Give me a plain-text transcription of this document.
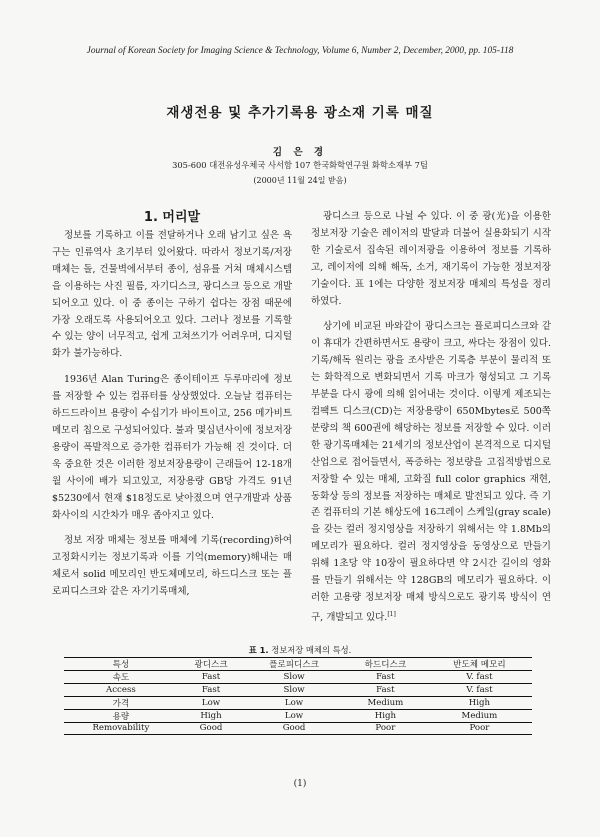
Journal of Korean Society for Imaging Science & Technology, Volume 6, Number 2, December, 2000, pp. 105-118
재생전용 및 추가기록용 광소재 기록 매질
김 은 경
305-600 대전유성우체국 사서함 107 한국화학연구원 화학소재부 7팀
(2000년 11월 24일 받음)
1. 머리말

정보를 기록하고 이를 전달하거나 오래 남기고 싶은 욕구는 인류역사 초기부터 있어왔다. 따라서 정보기록/저장 매체는 돌, 건물벽에서부터 종이, 섬유를 거쳐 매체시스템을 이용하는 사진 필름, 자기디스크, 광디스크 등으로 개발되어오고 있다. 이 중 종이는 구하기 쉽다는 장점 때문에 가장 오래도록 사용되어오고 있다. 그러나 정보를 기록할 수 있는 양이 너무적고, 쉽게 고쳐쓰기가 어려우며, 디지털화가 불가능하다.

1936년 Alan Turing은 종이테이프 두루마리에 정보를 저장할 수 있는 컴퓨터를 상상했었다. 오늘날 컴퓨터는 하드드라이브 용량이 수십기가 바이트이고, 256 메가비트 메모리 칩으로 구성되어있다. 불과 몇십년사이에 정보저장용량이 폭발적으로 증가한 컴퓨터가 가능해 진 것이다. 더욱 중요한 것은 이러한 정보저장용량이 근래들어 12-18개월 사이에 배가 되고있고, 저장용량 GB당 가격도 91년 $5230에서 현재 $18정도로 낮아졌으며 연구개발과 상품화사이의 시간차가 매우 좁아지고 있다.

정보 저장 매체는 정보를 매체에 기록(recording)하여 고정화시키는 정보기록과 이를 기억(memory)해내는 매체로서 solid 메모리인 반도체메모리, 하드디스크 또는 플로피디스크와 같은 자기기록매체,

광디스크 등으로 나뉠 수 있다. 이 중 광(光)을 이용한 정보저장 기술은 레이저의 발달과 더불어 실용화되기 시작한 기술로서 집속된 레이저광을 이용하여 정보를 기록하고, 레이저에 의해 해독, 소거, 재기록이 가능한 정보저장 기술이다. 표 1에는 다양한 정보저장 매체의 특성을 정리하였다.

상기에 비교된 바와같이 광디스크는 플로피디스크와 같이 휴대가 간편하면서도 용량이 크고, 싸다는 장점이 있다. 기록/해독 원리는 광을 조사받은 기록층 부분이 물리적 또는 화학적으로 변화되면서 기록 마크가 형성되고 그 기록부분을 다시 광에 의해 읽어내는 것이다. 이렇게 제조되는 컴팩트 디스크(CD)는 저장용량이 650Mbytes로 500쪽 분량의 책 600권에 해당하는 정보를 저장할 수 있다. 이러한 광기록매체는 21세기의 정보산업이 본격적으로 디지털산업으로 접어들면서, 폭증하는 정보량을 고집적방법으로 저장할 수 있는 매체, 고화질 full color graphics 재현, 동화상 등의 정보를 저장하는 매체로 발전되고 있다. 즉 기존 컴퓨터의 기본 해상도에 16그레이 스케일(gray scale)을 갖는 컬러 정지영상을 저장하기 위해서는 약 1.8Mb의 메모리가 필요하다. 컬러 정지영상을 동영상으로 만들기 위해 1초당 약 10장이 필요하다면 약 2시간 길이의 영화를 만들기 위해서는 약 128GB의 메모리가 필요하다. 이러한 고용량 정보저장 매체 방식으로도 광기록 방식이 연구, 개발되고 있다.[1]

표 1. 정보저장 매체의 특성.
특성	광디스크	플로피디스크	하드디스크	반도체 메모리
속도	Fast	Slow	Fast	V. fast
Access	Fast	Slow	Fast	V. fast
가격	Low	Low	Medium	High
용량	High	Low	High	Medium
Removability	Good	Good	Poor	Poor
(1)
